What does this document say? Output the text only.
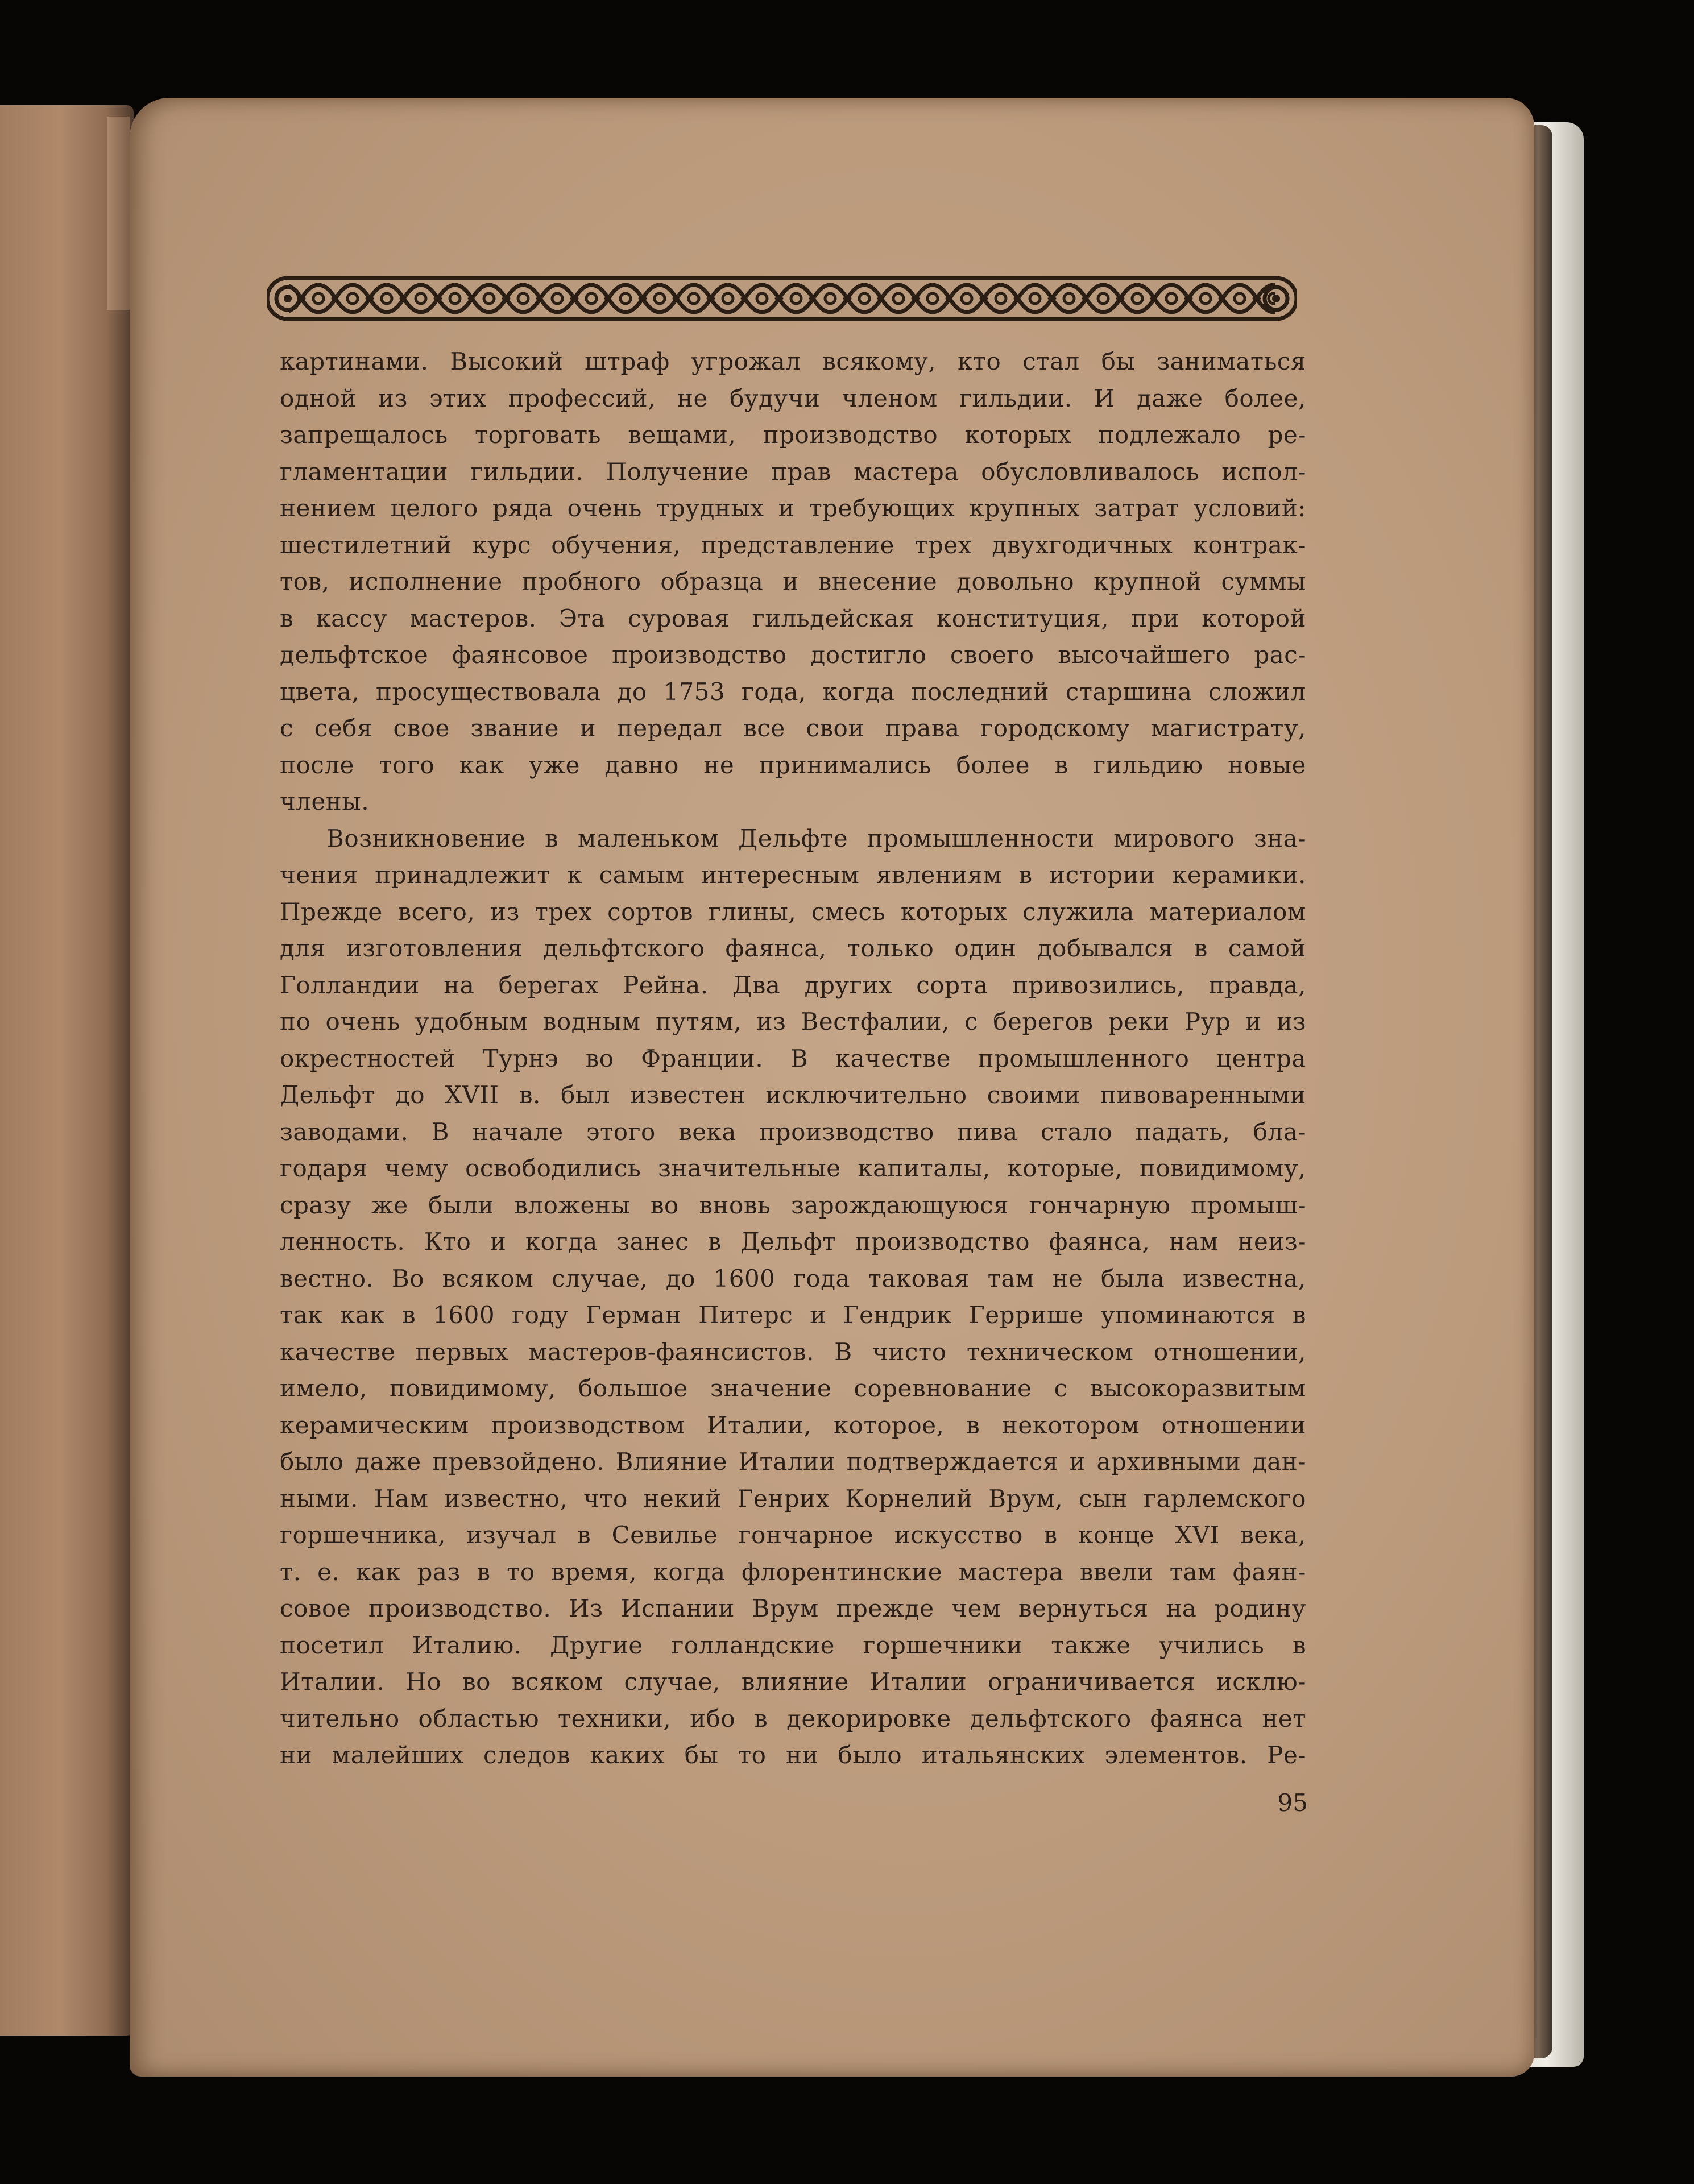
картинами. Высокий штраф угрожал всякому, кто стал бы заниматься
одной из этих профессий, не будучи членом гильдии. И даже более,
запрещалось торговать вещами, производство которых подлежало ре-
гламентации гильдии. Получение прав мастера обусловливалось испол-
нением целого ряда очень трудных и требующих крупных затрат условий:
шестилетний курс обучения, представление трех двухгодичных контрак-
тов, исполнение пробного образца и внесение довольно крупной суммы
в кассу мастеров. Эта суровая гильдейская конституция, при которой
дельфтское фаянсовое производство достигло своего высочайшего рас-
цвета, просуществовала до 1753 года, когда последний старшина сложил
с себя свое звание и передал все свои права городскому магистрату,
после того как уже давно не принимались более в гильдию новые
члены.
Возникновение в маленьком Дельфте промышленности мирового зна-
чения принадлежит к самым интересным явлениям в истории керамики.
Прежде всего, из трех сортов глины, смесь которых служила материалом
для изготовления дельфтского фаянса, только один добывался в самой
Голландии на берегах Рейна. Два других сорта привозились, правда,
по очень удобным водным путям, из Вестфалии, с берегов реки Рур и из
окрестностей Турнэ во Франции. В качестве промышленного центра
Дельфт до XVII в. был известен исключительно своими пивоваренными
заводами. В начале этого века производство пива стало падать, бла-
годаря чему освободились значительные капиталы, которые, повидимому,
сразу же были вложены во вновь зарождающуюся гончарную промыш-
ленность. Кто и когда занес в Дельфт производство фаянса, нам неиз-
вестно. Во всяком случае, до 1600 года таковая там не была известна,
так как в 1600 году Герман Питерс и Гендрик Геррише упоминаются в
качестве первых мастеров-фаянсистов. В чисто техническом отношении,
имело, повидимому, большое значение соревнование с высокоразвитым
керамическим производством Италии, которое, в некотором отношении
было даже превзойдено. Влияние Италии подтверждается и архивными дан-
ными. Нам известно, что некий Генрих Корнелий Врум, сын гарлемского
горшечника, изучал в Севилье гончарное искусство в конце XVI века,
т. е. как раз в то время, когда флорентинские мастера ввели там фаян-
совое производство. Из Испании Врум прежде чем вернуться на родину
посетил Италию. Другие голландские горшечники также учились в
Италии. Но во всяком случае, влияние Италии ограничивается исклю-
чительно областью техники, ибо в декорировке дельфтского фаянса нет
ни малейших следов каких бы то ни было итальянских элементов. Ре-
95
